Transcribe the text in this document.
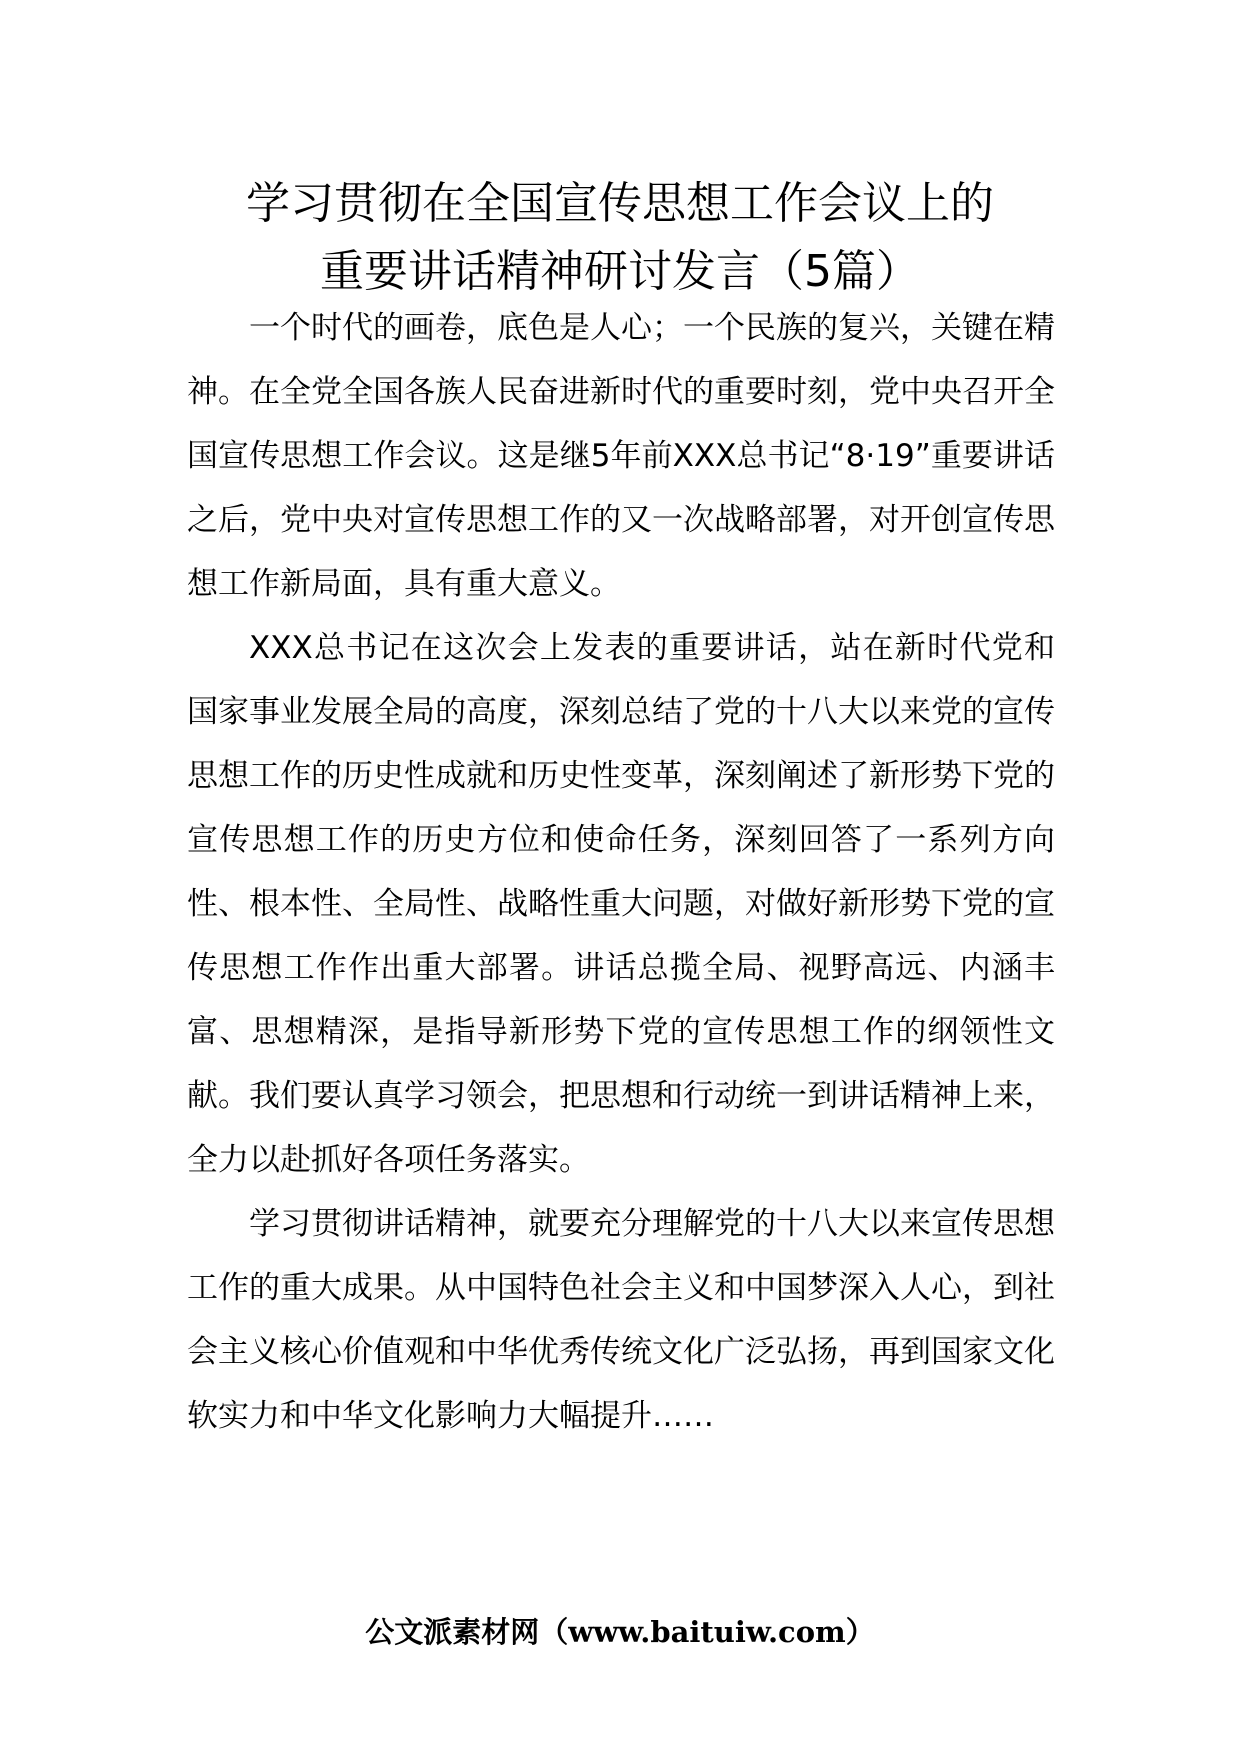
学习贯彻在全国宣传思想工作会议上的
重要讲话精神研讨发言（5篇）

一个时代的画卷，底色是人心；一个民族的复兴，关键在精神。在全党全国各族人民奋进新时代的重要时刻，党中央召开全国宣传思想工作会议。这是继5年前XXX总书记“8·19”重要讲话之后，党中央对宣传思想工作的又一次战略部署，对开创宣传思想工作新局面，具有重大意义。

XXX总书记在这次会上发表的重要讲话，站在新时代党和国家事业发展全局的高度，深刻总结了党的十八大以来党的宣传思想工作的历史性成就和历史性变革，深刻阐述了新形势下党的宣传思想工作的历史方位和使命任务，深刻回答了一系列方向性、根本性、全局性、战略性重大问题，对做好新形势下党的宣传思想工作作出重大部署。讲话总揽全局、视野高远、内涵丰富、思想精深，是指导新形势下党的宣传思想工作的纲领性文献。我们要认真学习领会，把思想和行动统一到讲话精神上来，全力以赴抓好各项任务落实。

学习贯彻讲话精神，就要充分理解党的十八大以来宣传思想工作的重大成果。从中国特色社会主义和中国梦深入人心，到社会主义核心价值观和中华优秀传统文化广泛弘扬，再到国家文化软实力和中华文化影响力大幅提升……

公文派素材网（www.baituiw.com）
